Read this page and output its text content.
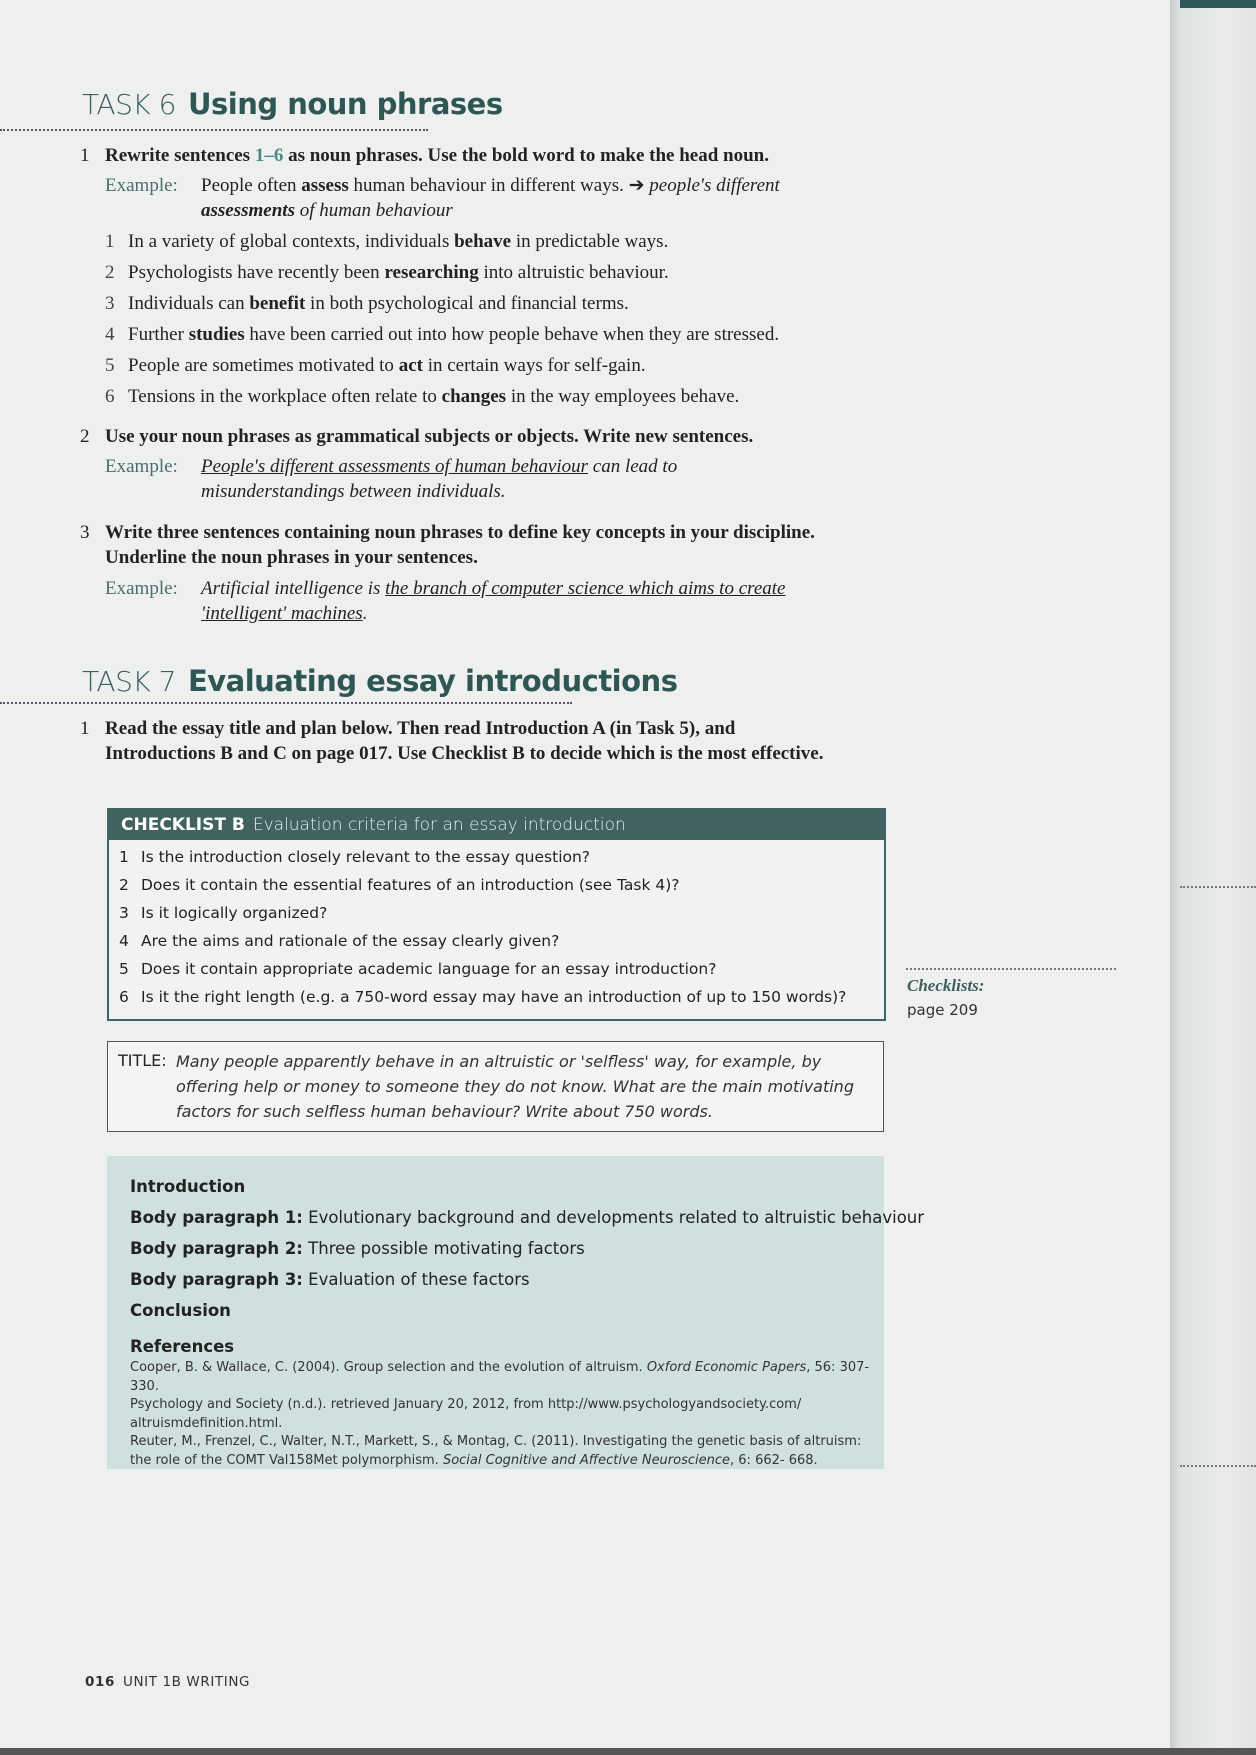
TASK 6 Using noun phrases
1 Rewrite sentences 1–6 as noun phrases. Use the bold word to make the head noun.
Example:	People often assess human behaviour in different ways. ➔ people's different
assessments of human behaviour
1 In a variety of global contexts, individuals behave in predictable ways.
2 Psychologists have recently been researching into altruistic behaviour.
3 Individuals can benefit in both psychological and financial terms.
4 Further studies have been carried out into how people behave when they are stressed.
5 People are sometimes motivated to act in certain ways for self-gain.
6 Tensions in the workplace often relate to changes in the way employees behave.
2 Use your noun phrases as grammatical subjects or objects. Write new sentences.
Example:	People's different assessments of human behaviour can lead to misunderstandings between individuals.
3 Write three sentences containing noun phrases to define key concepts in your discipline. Underline the noun phrases in your sentences.
Example:	Artificial intelligence is the branch of computer science which aims to create 'intelligent' machines.
TASK 7 Evaluating essay introductions
1 Read the essay title and plan below. Then read Introduction A (in Task 5), and Introductions B and C on page 017. Use Checklist B to decide which is the most effective.
CHECKLIST B Evaluation criteria for an essay introduction
1 Is the introduction closely relevant to the essay question?
2 Does it contain the essential features of an introduction (see Task 4)?
3 Is it logically organized?
4 Are the aims and rationale of the essay clearly given?
5 Does it contain appropriate academic language for an essay introduction?
6 Is it the right length (e.g. a 750-word essay may have an introduction of up to 150 words)?
Checklists:
page 209
TITLE: Many people apparently behave in an altruistic or 'selfless' way, for example, by offering help or money to someone they do not know. What are the main motivating factors for such selfless human behaviour? Write about 750 words.
Introduction
Body paragraph 1: Evolutionary background and developments related to altruistic behaviour
Body paragraph 2: Three possible motivating factors
Body paragraph 3: Evaluation of these factors
Conclusion
References
Cooper, B. & Wallace, C. (2004). Group selection and the evolution of altruism. Oxford Economic Papers, 56: 307-330.
Psychology and Society (n.d.). retrieved January 20, 2012, from http://www.psychologyandsociety.com/ altruismdefinition.html.
Reuter, M., Frenzel, C., Walter, N.T., Markett, S., & Montag, C. (2011). Investigating the genetic basis of altruism: the role of the COMT Val158Met polymorphism. Social Cognitive and Affective Neuroscience, 6: 662- 668.
016 UNIT 1B WRITING
